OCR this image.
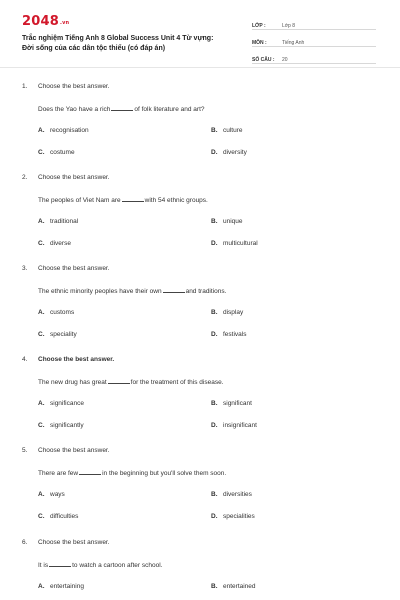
2048.vn
Trắc nghiệm Tiếng Anh 8 Global Success Unit 4 Từ vựng:
Đời sống của các dân tộc thiểu (có đáp án)
LỚP :	Lớp 8
MÔN :	Tiếng Anh
SỐ CÂU :	20
1.	Choose the best answer.
Does the Yao have a rich	of folk literature and art?
A. recognisation	B. culture
C. costume	D. diversity
2.	Choose the best answer.
The peoples of Viet Nam are	with 54 ethnic groups.
A. traditional	B. unique
C. diverse	D. multicultural
3.	Choose the best answer.
The ethnic minority peoples have their own	and traditions.
A. customs	B. display
C. speciality	D. festivals
4.	Choose the best answer.
The new drug has great	for the treatment of this disease.
A. significance	B. significant
C. significantly	D. insignificant
5.	Choose the best answer.
There are few	in the beginning but you'll solve them soon.
A. ways	B. diversities
C. difficulties	D. specialities
6.	Choose the best answer.
It is	to watch a cartoon after school.
A. entertaining	B. entertained
